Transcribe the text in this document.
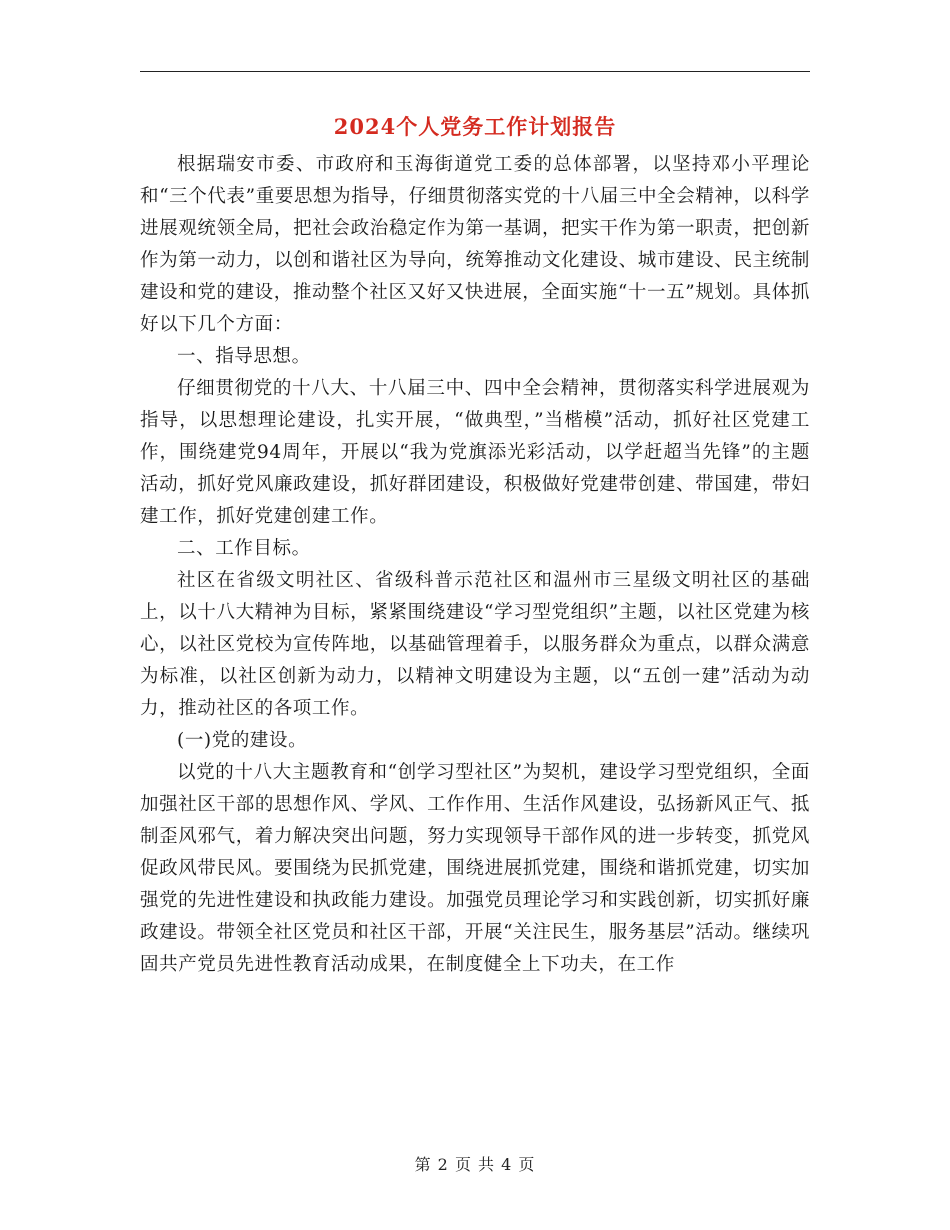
2024个人党务工作计划报告

根据瑞安市委、市政府和玉海街道党工委的总体部署，以坚持邓小平理论和“三个代表”重要思想为指导，仔细贯彻落实党的十八届三中全会精神，以科学进展观统领全局，把社会政治稳定作为第一基调，把实干作为第一职责，把创新作为第一动力，以创和谐社区为导向，统筹推动文化建设、城市建设、民主统制建设和党的建设，推动整个社区又好又快进展，全面实施“十一五”规划。具体抓好以下几个方面：

一、指导思想。

仔细贯彻党的十八大、十八届三中、四中全会精神，贯彻落实科学进展观为指导，以思想理论建设，扎实开展，“做典型，”当楷模”活动，抓好社区党建工作，围绕建党94周年，开展以“我为党旗添光彩活动，以学赶超当先锋”的主题活动，抓好党风廉政建设，抓好群团建设，积极做好党建带创建、带国建，带妇建工作，抓好党建创建工作。

二、工作目标。

社区在省级文明社区、省级科普示范社区和温州市三星级文明社区的基础上，以十八大精神为目标，紧紧围绕建设“学习型党组织”主题，以社区党建为核心，以社区党校为宣传阵地，以基础管理着手，以服务群众为重点，以群众满意为标准，以社区创新为动力，以精神文明建设为主题，以“五创一建”活动为动力，推动社区的各项工作。

(一)党的建设。

以党的十八大主题教育和“创学习型社区”为契机，建设学习型党组织，全面加强社区干部的思想作风、学风、工作作用、生活作风建设，弘扬新风正气、抵制歪风邪气，着力解决突出问题，努力实现领导干部作风的进一步转变，抓党风促政风带民风。要围绕为民抓党建，围绕进展抓党建，围绕和谐抓党建，切实加强党的先进性建设和执政能力建设。加强党员理论学习和实践创新，切实抓好廉政建设。带领全社区党员和社区干部，开展“关注民生，服务基层”活动。继续巩固共产党员先进性教育活动成果，在制度健全上下功夫，在工作

第 2 页 共 4 页
